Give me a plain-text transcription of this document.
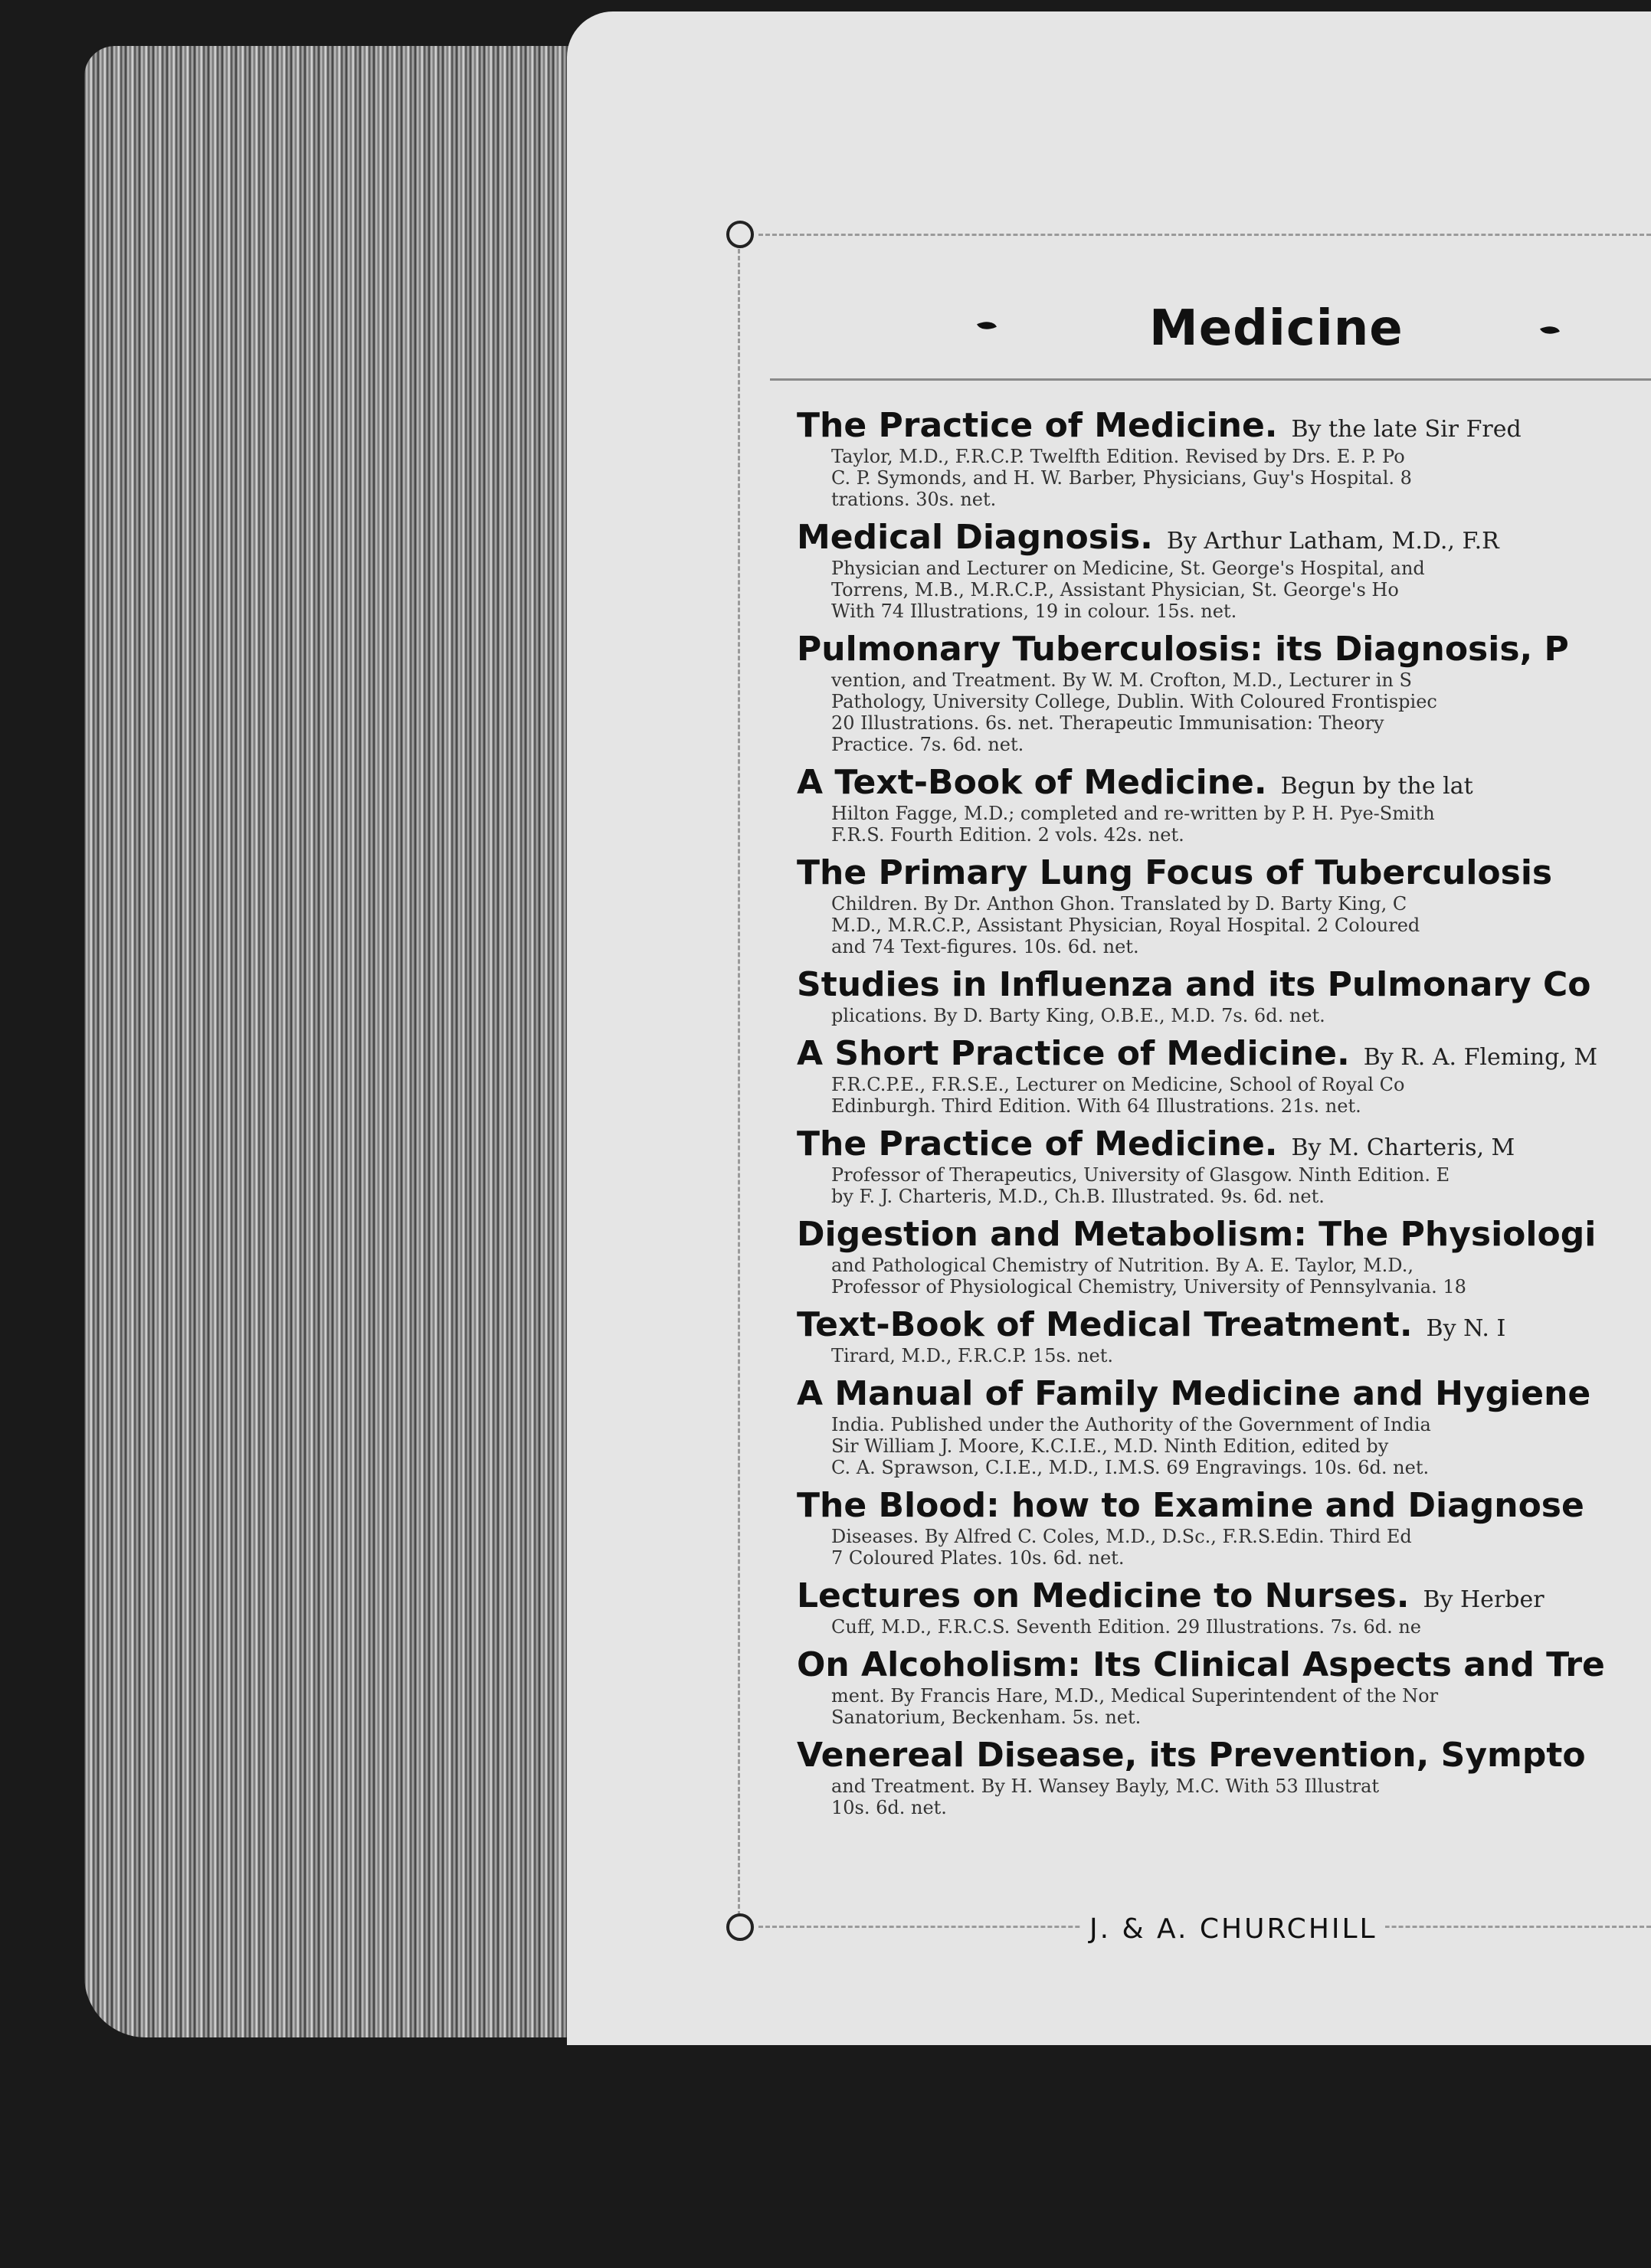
Medicine
The Practice of Medicine. By the late Sir Fred
Taylor, M.D., F.R.C.P. Twelfth Edition. Revised by Drs. E. P. Po
C. P. Symonds, and H. W. Barber, Physicians, Guy's Hospital. 8
trations. 30s. net.
Medical Diagnosis. By Arthur Latham, M.D., F.R
Physician and Lecturer on Medicine, St. George's Hospital, and
Torrens, M.B., M.R.C.P., Assistant Physician, St. George's Ho
With 74 Illustrations, 19 in colour. 15s. net.
Pulmonary Tuberculosis: its Diagnosis, P
vention, and Treatment. By W. M. Crofton, M.D., Lecturer in S
Pathology, University College, Dublin. With Coloured Frontispiec
20 Illustrations. 6s. net. Therapeutic Immunisation: Theory
Practice. 7s. 6d. net.
A Text-Book of Medicine. Begun by the lat
Hilton Fagge, M.D.; completed and re-written by P. H. Pye-Smith
F.R.S. Fourth Edition. 2 vols. 42s. net.
The Primary Lung Focus of Tuberculosis
Children. By Dr. Anthon Ghon. Translated by D. Barty King, C
M.D., M.R.C.P., Assistant Physician, Royal Hospital. 2 Coloured
and 74 Text-figures. 10s. 6d. net.
Studies in Influenza and its Pulmonary Co
plications. By D. Barty King, O.B.E., M.D. 7s. 6d. net.
A Short Practice of Medicine. By R. A. Fleming, M
F.R.C.P.E., F.R.S.E., Lecturer on Medicine, School of Royal Co
Edinburgh. Third Edition. With 64 Illustrations. 21s. net.
The Practice of Medicine. By M. Charteris, M
Professor of Therapeutics, University of Glasgow. Ninth Edition. E
by F. J. Charteris, M.D., Ch.B. Illustrated. 9s. 6d. net.
Digestion and Metabolism: The Physiologi
and Pathological Chemistry of Nutrition. By A. E. Taylor, M.D.,
Professor of Physiological Chemistry, University of Pennsylvania. 18
Text-Book of Medical Treatment. By N. I
Tirard, M.D., F.R.C.P. 15s. net.
A Manual of Family Medicine and Hygiene
India. Published under the Authority of the Government of India
Sir William J. Moore, K.C.I.E., M.D. Ninth Edition, edited by
C. A. Sprawson, C.I.E., M.D., I.M.S. 69 Engravings. 10s. 6d. net.
The Blood: how to Examine and Diagnose
Diseases. By Alfred C. Coles, M.D., D.Sc., F.R.S.Edin. Third Ed
7 Coloured Plates. 10s. 6d. net.
Lectures on Medicine to Nurses. By Herber
Cuff, M.D., F.R.C.S. Seventh Edition. 29 Illustrations. 7s. 6d. ne
On Alcoholism: Its Clinical Aspects and Tre
ment. By Francis Hare, M.D., Medical Superintendent of the Nor
Sanatorium, Beckenham. 5s. net.
Venereal Disease, its Prevention, Sympto
and Treatment. By H. Wansey Bayly, M.C. With 53 Illustrat
10s. 6d. net.
J. & A. CHURCHILL
